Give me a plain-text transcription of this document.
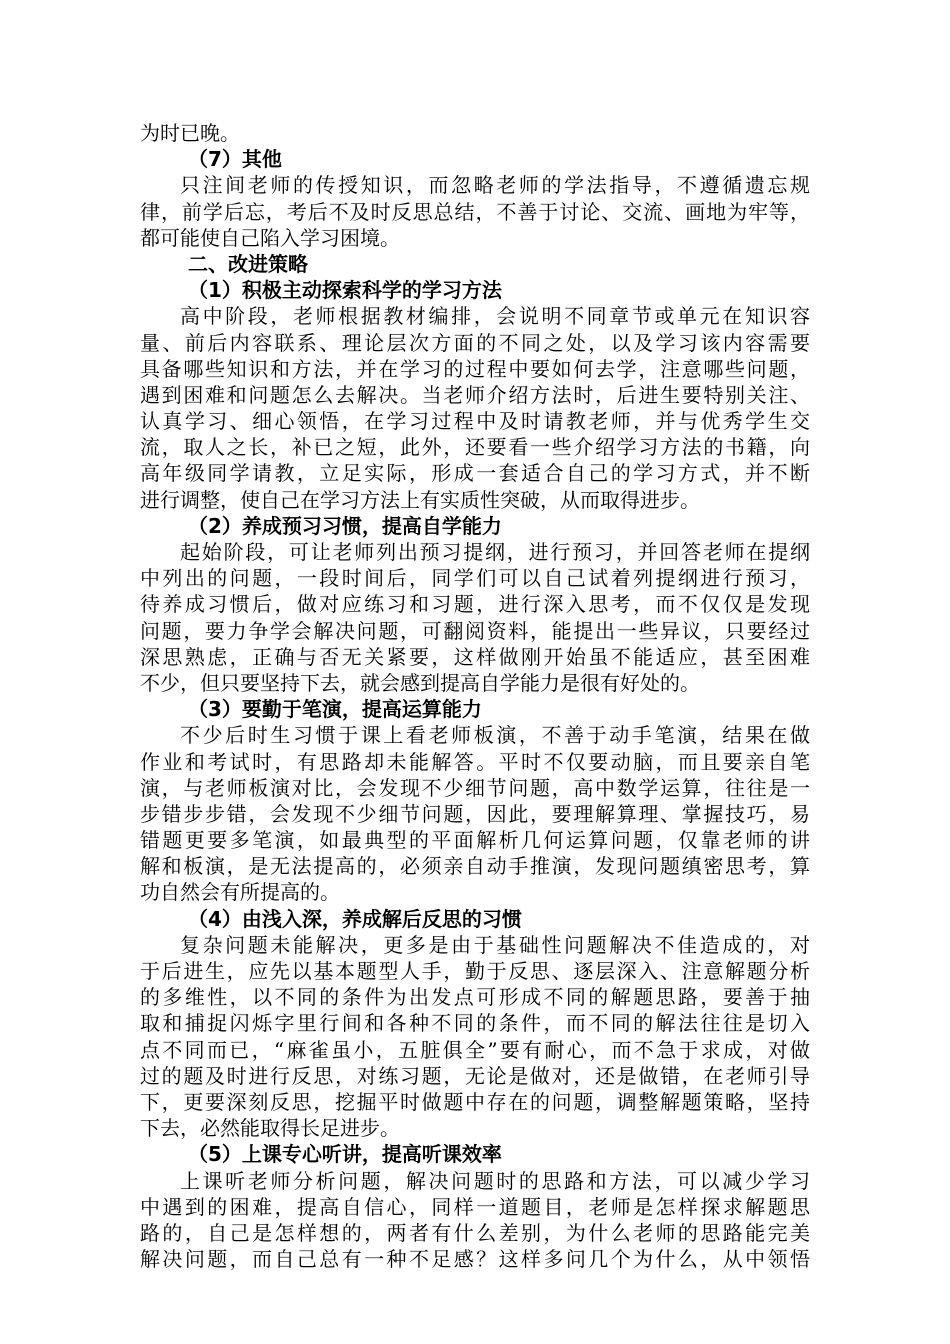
为时已晚。
（7）其他
只注间老师的传授知识，而忽略老师的学法指导，不遵循遗忘规
律，前学后忘，考后不及时反思总结，不善于讨论、交流、画地为牢等，
都可能使自己陷入学习困境。
二、改进策略
（1）积极主动探索科学的学习方法
高中阶段，老师根据教材编排，会说明不同章节或单元在知识容
量、前后内容联系、理论层次方面的不同之处，以及学习该内容需要
具备哪些知识和方法，并在学习的过程中要如何去学，注意哪些问题，
遇到困难和问题怎么去解决。当老师介绍方法时，后进生要特别关注、
认真学习、细心领悟，在学习过程中及时请教老师，并与优秀学生交
流，取人之长，补已之短，此外，还要看一些介绍学习方法的书籍，向
高年级同学请教，立足实际，形成一套适合自己的学习方式，并不断
进行调整，使自己在学习方法上有实质性突破，从而取得进步。
（2）养成预习习惯，提高自学能力
起始阶段，可让老师列出预习提纲，进行预习，并回答老师在提纲
中列出的问题，一段时间后，同学们可以自己试着列提纲进行预习，
待养成习惯后，做对应练习和习题，进行深入思考，而不仅仅是发现
问题，要力争学会解决问题，可翻阅资料，能提出一些异议，只要经过
深思熟虑，正确与否无关紧要，这样做刚开始虽不能适应，甚至困难
不少，但只要坚持下去，就会感到提高自学能力是很有好处的。
（3）要勤于笔演，提高运算能力
不少后时生习惯于课上看老师板演，不善于动手笔演，结果在做
作业和考试时，有思路却未能解答。平时不仅要动脑，而且要亲自笔
演，与老师板演对比，会发现不少细节问题，高中数学运算，往往是一
步错步步错，会发现不少细节问题，因此，要理解算理、掌握技巧，易
错题更要多笔演，如最典型的平面解析几何运算问题，仅靠老师的讲
解和板演，是无法提高的，必须亲自动手推演，发现问题缜密思考，算
功自然会有所提高的。
（4）由浅入深，养成解后反思的习惯
复杂问题未能解决，更多是由于基础性问题解决不佳造成的，对
于后进生，应先以基本题型人手，勤于反思、逐层深入、注意解题分析
的多维性，以不同的条件为出发点可形成不同的解题思路，要善于抽
取和捕捉闪烁字里行间和各种不同的条件，而不同的解法往往是切入
点不同而已，“麻雀虽小，五脏俱全”要有耐心，而不急于求成，对做
过的题及时进行反思，对练习题，无论是做对，还是做错，在老师引导
下，更要深刻反思，挖掘平时做题中存在的问题，调整解题策略，坚持
下去，必然能取得长足进步。
（5）上课专心听讲，提高听课效率
上课听老师分析问题，解决问题时的思路和方法，可以减少学习
中遇到的困难，提高自信心，同样一道题目，老师是怎样探求解题思
路的，自己是怎样想的，两者有什么差别，为什么老师的思路能完美
解决问题，而自己总有一种不足感？这样多问几个为什么，从中领悟
